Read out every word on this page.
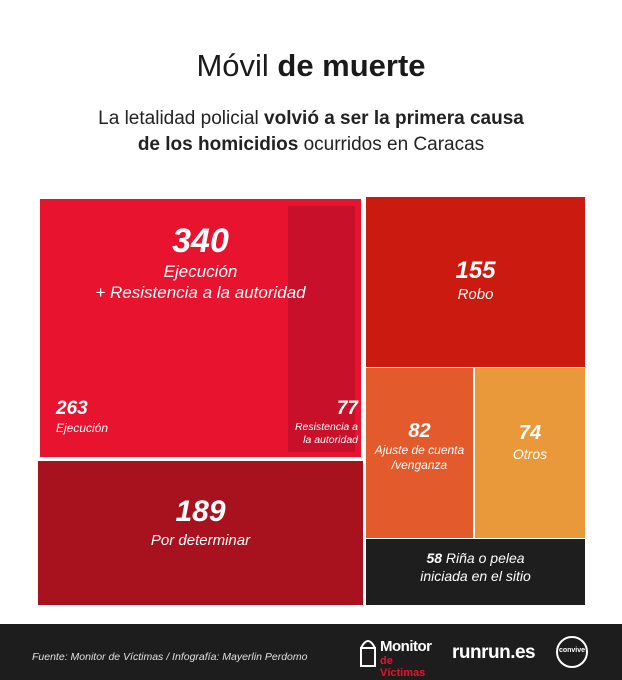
Móvil de muerte
La letalidad policial volvió a ser la primera causa
de los homicidios ocurridos en Caracas
340
Ejecución
+ Resistencia a la autoridad
263
Ejecución
77
Resistencia a
la autoridad
189
Por determinar
155
Robo
82
Ajuste de cuenta
/venganza
74
Otros
58 Riña o pelea
iniciada en el sitio
Fuente: Monitor de Víctimas / Infografía: Mayerlin Perdomo
Monitor
de Víctimas
runrun.es	convive
